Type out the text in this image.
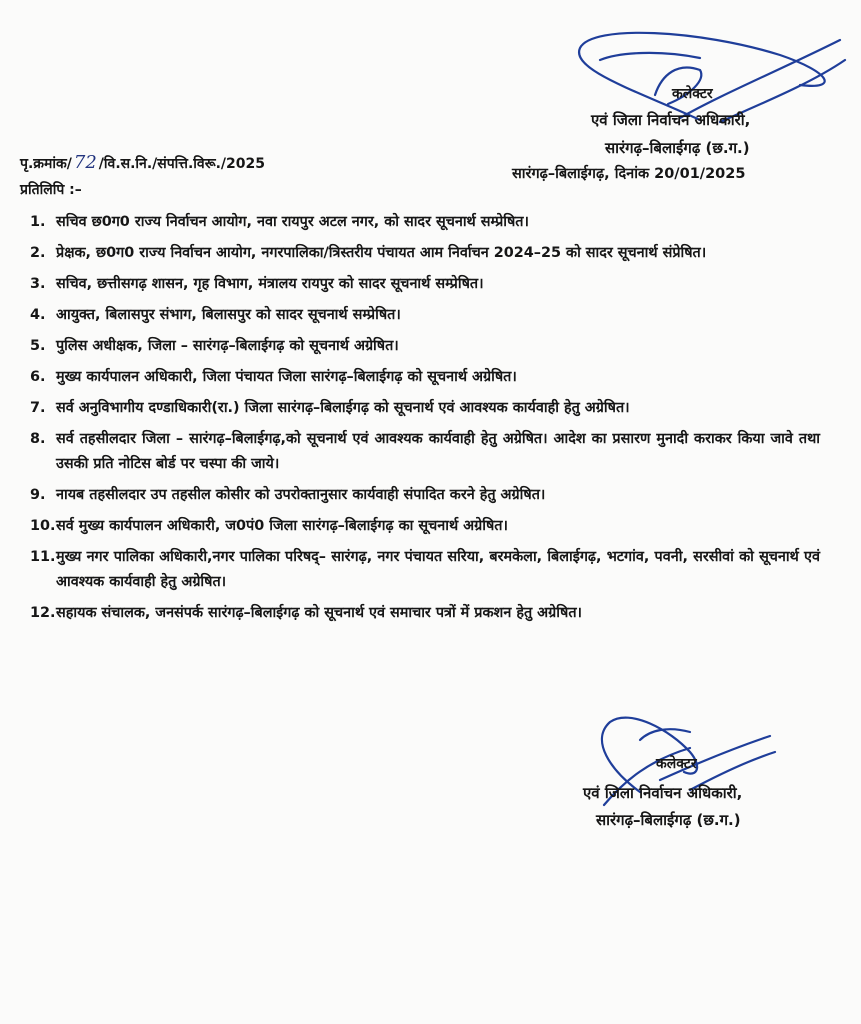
कलेक्टर
एवं जिला निर्वाचन अधिकारी,
सारंगढ़–बिलाईगढ़ (छ.ग.)
पृ.क्रमांक/ 72 /वि.स.नि./संपत्ति.विरू./2025
सारंगढ़–बिलाईगढ़, दिनांक 20/01/2025
प्रतिलिपि :–
1. सचिव छ0ग0 राज्य निर्वाचन आयोग, नवा रायपुर अटल नगर, को सादर सूचनार्थ सम्प्रेषित।
2. प्रेक्षक, छ0ग0 राज्य निर्वाचन आयोग, नगरपालिका/त्रिस्तरीय पंचायत आम निर्वाचन 2024–25 को सादर सूचनार्थ संप्रेषित।
3. सचिव, छत्तीसगढ़ शासन, गृह विभाग, मंत्रालय रायपुर को सादर सूचनार्थ सम्प्रेषित।
4. आयुक्त, बिलासपुर संभाग, बिलासपुर को सादर सूचनार्थ सम्प्रेषित।
5. पुलिस अधीक्षक, जिला – सारंगढ़–बिलाईगढ़ को सूचनार्थ अग्रेषित।
6. मुख्य कार्यपालन अधिकारी, जिला पंचायत जिला सारंगढ़–बिलाईगढ़ को सूचनार्थ अग्रेषित।
7. सर्व अनुविभागीय दण्डाधिकारी(रा.) जिला सारंगढ़–बिलाईगढ़ को सूचनार्थ एवं आवश्यक कार्यवाही हेतु अग्रेषित।
8. सर्व तहसीलदार जिला – सारंगढ़–बिलाईगढ़,को सूचनार्थ एवं आवश्यक कार्यवाही हेतु अग्रेषित। आदेश का प्रसारण मुनादी कराकर किया जावे तथा उसकी प्रति नोटिस बोर्ड पर चस्पा की जाये।
9. नायब तहसीलदार उप तहसील कोसीर को उपरोक्तानुसार कार्यवाही संपादित करने हेतु अग्रेषित।
10. सर्व मुख्य कार्यपालन अधिकारी, ज0पं0 जिला सारंगढ़–बिलाईगढ़ का सूचनार्थ अग्रेषित।
11. मुख्य नगर पालिका अधिकारी,नगर पालिका परिषद्– सारंगढ़, नगर पंचायत सरिया, बरमकेला, बिलाईगढ़, भटगांव, पवनी, सरसीवां को सूचनार्थ एवं आवश्यक कार्यवाही हेतु अग्रेषित।
12. सहायक संचालक, जनसंपर्क सारंगढ़–बिलाईगढ़ को सूचनार्थ एवं समाचार पत्रों में प्रकशन हेतु अग्रेषित।
कलेक्टर
एवं जिला निर्वाचन अधिकारी,
सारंगढ़–बिलाईगढ़ (छ.ग.)
